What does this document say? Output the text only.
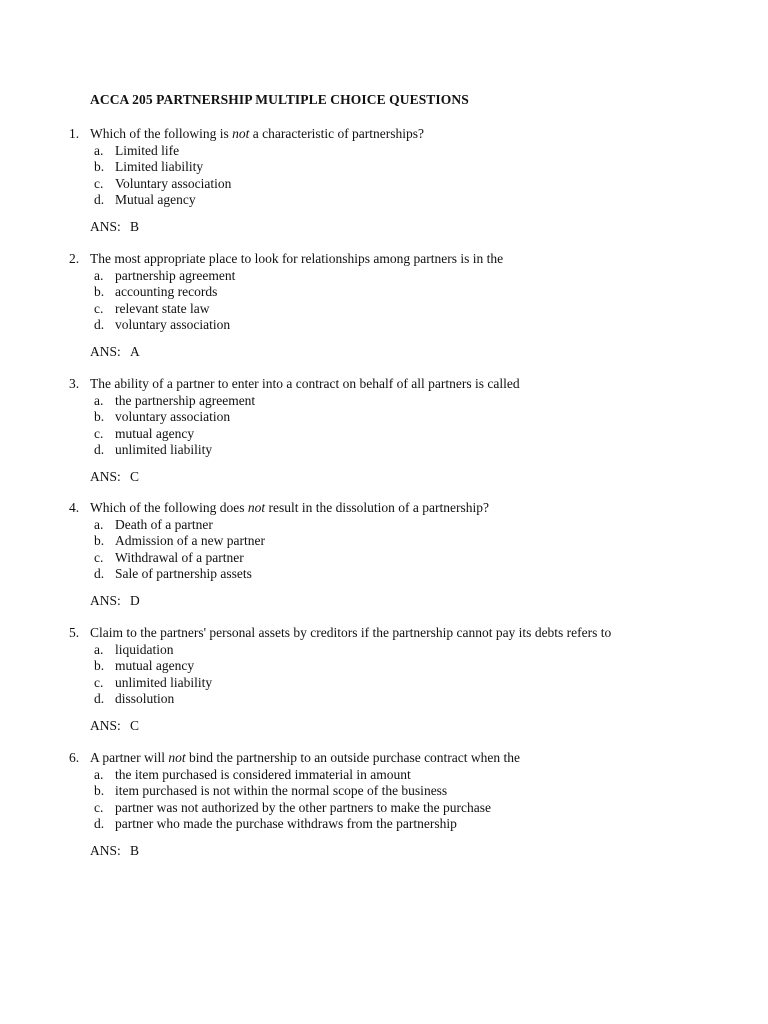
ACCA 205 PARTNERSHIP MULTIPLE CHOICE QUESTIONS
1. Which of the following is not a characteristic of partnerships?
a. Limited life
b. Limited liability
c. Voluntary association
d. Mutual agency
ANS: B
2. The most appropriate place to look for relationships among partners is in the
a. partnership agreement
b. accounting records
c. relevant state law
d. voluntary association
ANS: A
3. The ability of a partner to enter into a contract on behalf of all partners is called
a. the partnership agreement
b. voluntary association
c. mutual agency
d. unlimited liability
ANS: C
4. Which of the following does not result in the dissolution of a partnership?
a. Death of a partner
b. Admission of a new partner
c. Withdrawal of a partner
d. Sale of partnership assets
ANS: D
5. Claim to the partners' personal assets by creditors if the partnership cannot pay its debts refers to
a. liquidation
b. mutual agency
c. unlimited liability
d. dissolution
ANS: C
6. A partner will not bind the partnership to an outside purchase contract when the
a. the item purchased is considered immaterial in amount
b. item purchased is not within the normal scope of the business
c. partner was not authorized by the other partners to make the purchase
d. partner who made the purchase withdraws from the partnership
ANS: B
